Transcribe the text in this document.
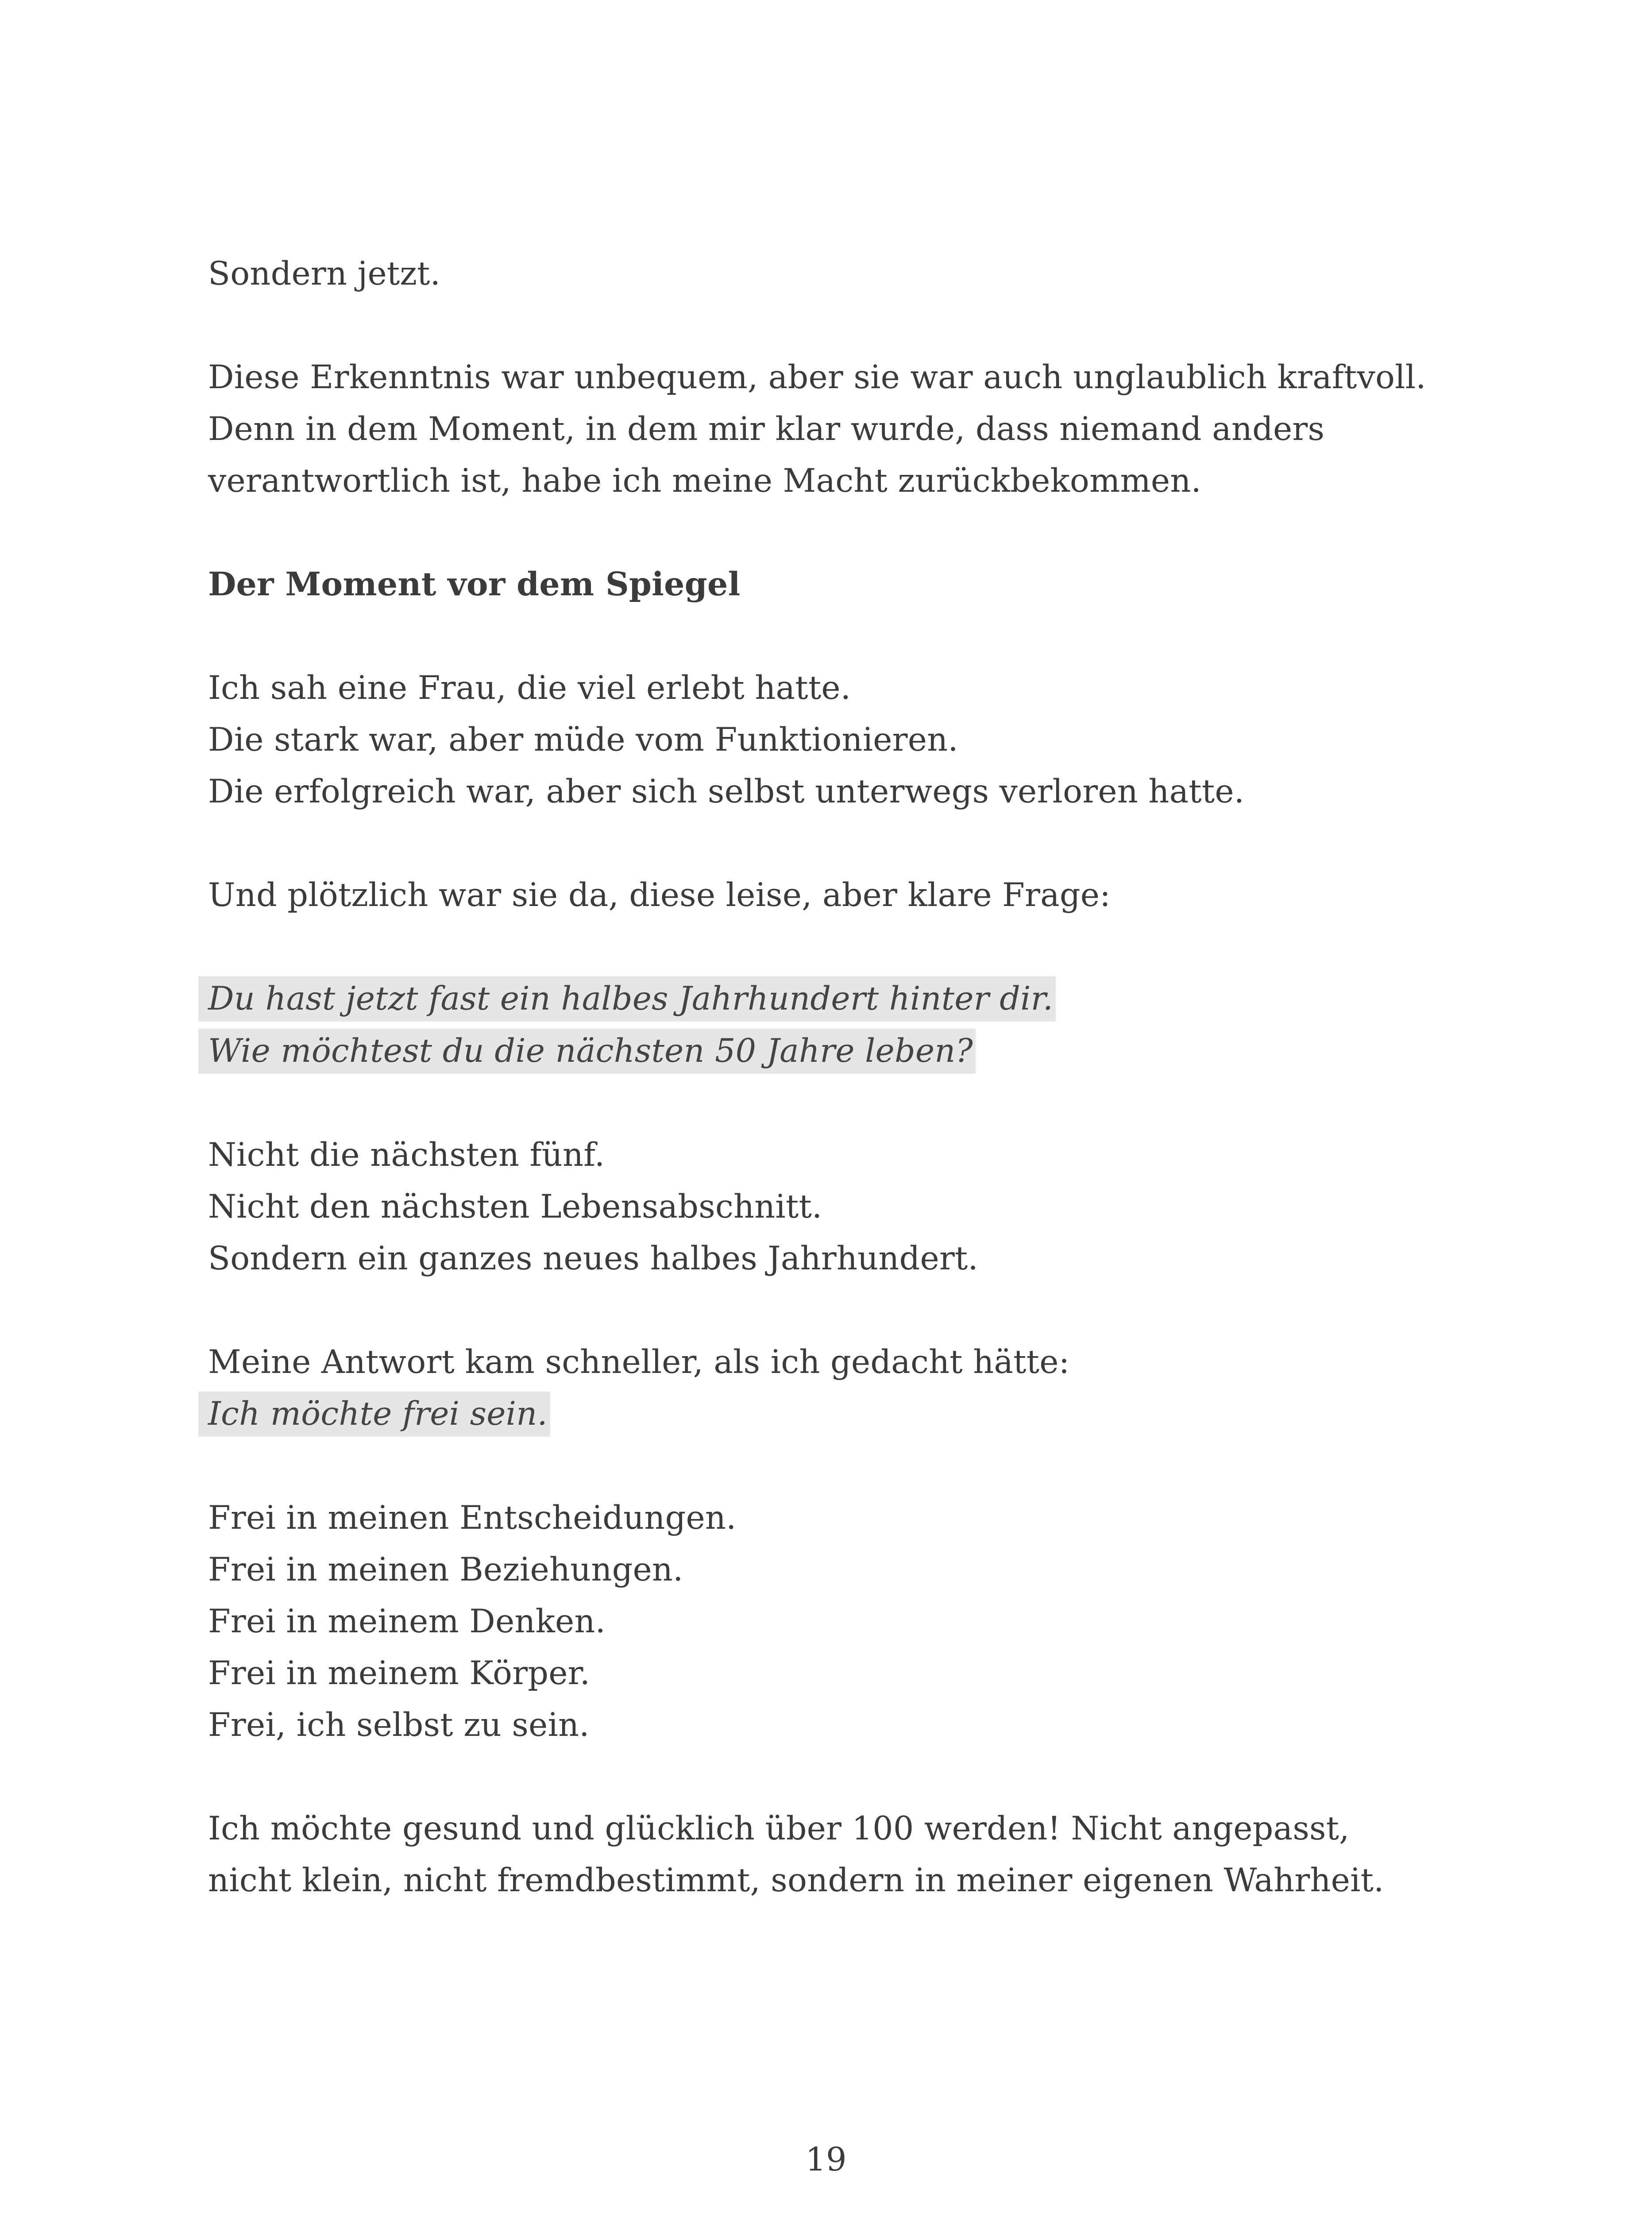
Sondern jetzt.

Diese Erkenntnis war unbequem, aber sie war auch unglaublich kraftvoll.
Denn in dem Moment, in dem mir klar wurde, dass niemand anders
verantwortlich ist, habe ich meine Macht zurückbekommen.

Der Moment vor dem Spiegel

Ich sah eine Frau, die viel erlebt hatte.
Die stark war, aber müde vom Funktionieren.
Die erfolgreich war, aber sich selbst unterwegs verloren hatte.

Und plötzlich war sie da, diese leise, aber klare Frage:

Du hast jetzt fast ein halbes Jahrhundert hinter dir.
Wie möchtest du die nächsten 50 Jahre leben?

Nicht die nächsten fünf.
Nicht den nächsten Lebensabschnitt.
Sondern ein ganzes neues halbes Jahrhundert.

Meine Antwort kam schneller, als ich gedacht hätte:
Ich möchte frei sein.

Frei in meinen Entscheidungen.
Frei in meinen Beziehungen.
Frei in meinem Denken.
Frei in meinem Körper.
Frei, ich selbst zu sein.

Ich möchte gesund und glücklich über 100 werden! Nicht angepasst,
nicht klein, nicht fremdbestimmt, sondern in meiner eigenen Wahrheit.

19
